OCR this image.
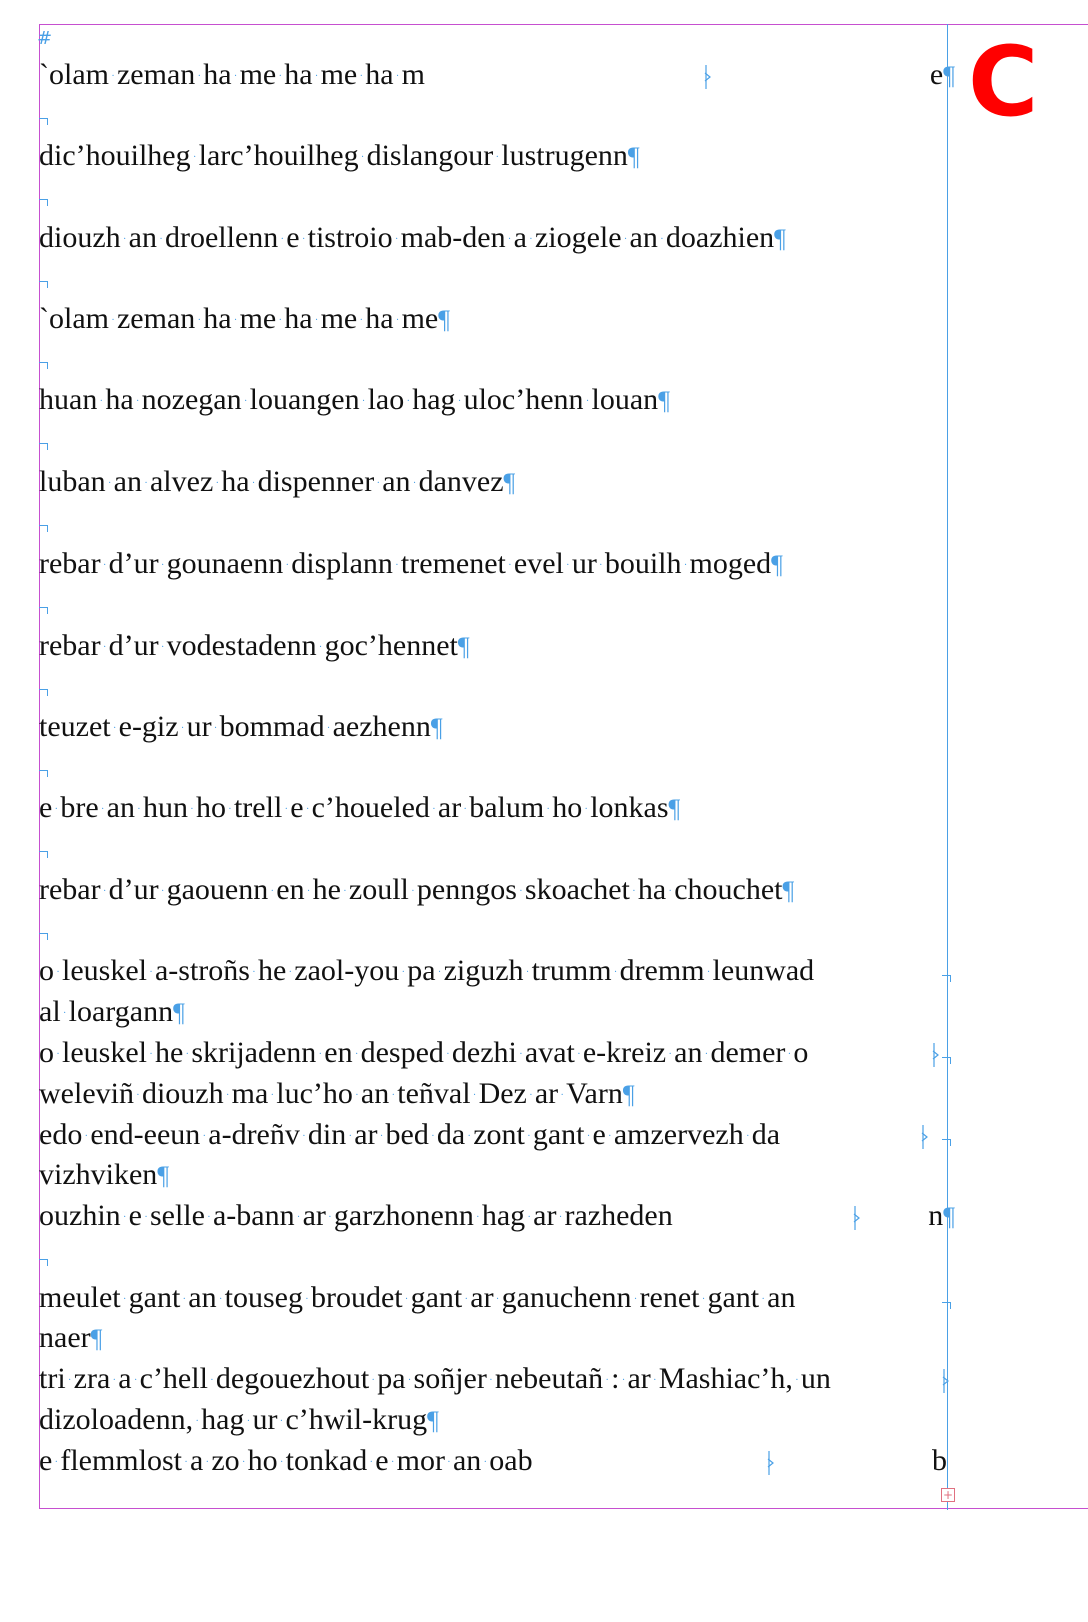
#	C
`olam ·zeman ·ha ·me ·ha ·me ·ha ·m	e¶
dic’houilheg ·larc’houilheg ·dislangour ·lustrugenn¶
diouzh ·an ·droellenn ·e ·tistroio ·mab-den ·a ·ziogele ·an ·doazhien¶
`olam ·zeman ·ha ·me ·ha ·me ·ha ·me¶
huan ·ha ·nozegan ·louangen ·lao ·hag ·uloc’henn ·louan¶
luban ·an ·alvez ·ha ·dispenner ·an ·danvez¶
rebar ·d’ur ·gounaenn ·displann ·tremenet ·evel ·ur ·bouilh ·moged¶
rebar ·d’ur ·vodestadenn ·goc’hennet¶
teuzet ·e-giz ·ur ·bommad ·aezhenn¶
e ·bre ·an ·hun ·ho ·trell ·e ·c’houeled ·ar ·balum ·ho ·lonkas¶
rebar ·d’ur ·gaouenn ·en ·he ·zoull ·penngos ·skoachet ·ha ·chouchet¶
o ·leuskel ·a-stroñs ·he ·zaol-you ·pa ·ziguzh ·trumm ·dremm ·leunwad
al ·loargann¶
o ·leuskel ·he ·skrijadenn ·en ·desped ·dezhi ·avat ·e-kreiz ·an ·demer ·o
weleviñ ·diouzh ·ma ·luc’ho ·an ·teñval ·Dez ·ar ·Varn¶
edo ·end-eeun ·a-dreñv ·din ·ar ·bed ·da ·zont ·gant ·e ·amzervezh ·da
vizhviken¶
ouzhin ·e ·selle ·a-bann ·ar ·garzhonenn ·hag ·ar ·razheden	n¶
meulet ·gant ·an ·touseg ·broudet ·gant ·ar ·ganuchenn ·renet ·gant ·an
naer¶
tri ·zra ·a ·c’hell ·degouezhout ·pa ·soñjer ·nebeutañ ·: ·ar ·Mashiac’h, ·un
dizoloadenn, ·hag ·ur ·c’hwil-krug¶
e ·flemmlost ·a ·zo ·ho ·tonkad ·e ·mor ·an ·oab	b
+
